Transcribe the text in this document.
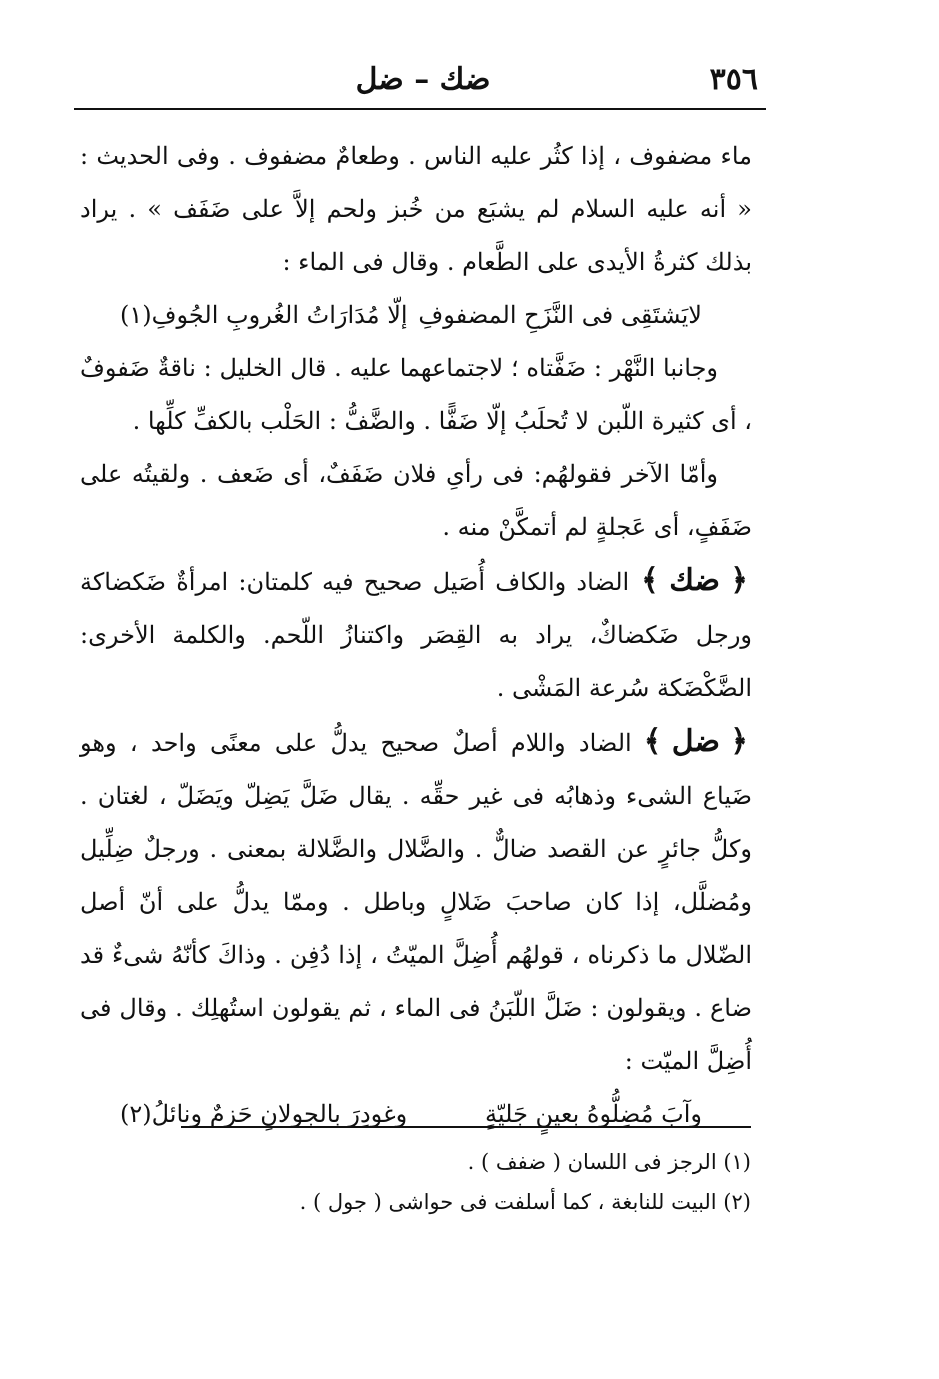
٣٥٦
ضك – ضل

ماء مضفوف ، إذا كثُر عليه الناس . وطعامٌ مضفوف . وفى الحديث : « أنه عليه السلام لم يشبَع من خُبز ولحم إلاَّ على ضَفَف » . يراد بذلك كثرةُ الأيدى على الطَّعام . وقال فى الماء :

لايَشتَقِى فى النَّزَحِ المضفوفِ
إلّا مُدَارَاتُ الغُروبِ الجُوفِ(١)

وجانبا النَّهْر : ضَفَّتاه ؛ لاجتماعهما عليه . قال الخليل : ناقةٌ ضَفوفٌ ، أى كثيرة اللّبن لا تُحلَبُ إلّا ضَفًّا . والضَّفُّ : الحَلْب بالكفِّ كلِّها .

وأمّا الآخر فقولهُم: فى رأىِ فلان ضَفَفٌ، أى ضَعف . ولقيتُه على ضَفَفٍ، أى عَجلةٍ لم أتمكَّنْ منه .

﴿ ضك ﴾الضاد والكاف أُصَيل صحيح فيه كلمتان: امرأةٌ ضَكضاكة ورجل ضَكضاكٌ، يراد به القِصَر واكتنازُ اللّحم. والكلمة الأخرى: الضَّكْضَكة سُرعة المَشْى .

﴿ ضل ﴾الضاد واللام أصلٌ صحيح يدلُّ على معنًى واحد ، وهو ضَياع الشىء وذهابُه فى غير حقِّه . يقال ضَلَّ يَضِلّ ويَضَلّ ، لغتان . وكلُّ جائرٍ عن القصد ضالٌّ . والضَّلال والضَّلالة بمعنى . ورجلٌ ضِلِّيل ومُضلَّل، إذا كان صاحبَ ضَلالٍ وباطل . وممّا يدلُّ على أنّ أصل الضّلال ما ذكرناه ، قولهُم أُضِلَّ الميّتُ ، إذا دُفِن . وذاكَ كأنّهُ شىءٌ قد ضاع . ويقولون : ضَلَّ اللّبَنُ فى الماء ، ثم يقولون استُهلِك . وقال فى أُضِلَّ الميّت :

وآبَ مُضِلُّوهُ بعينٍ جَليّةٍ
وغودِرَ بالجولانِ حَزمٌ ونائلُ(٢)

(١) الرجز فى اللسان ( ضفف ) .

(٢) البيت للنابغة ، كما أسلفت فى حواشى ( جول ) .
